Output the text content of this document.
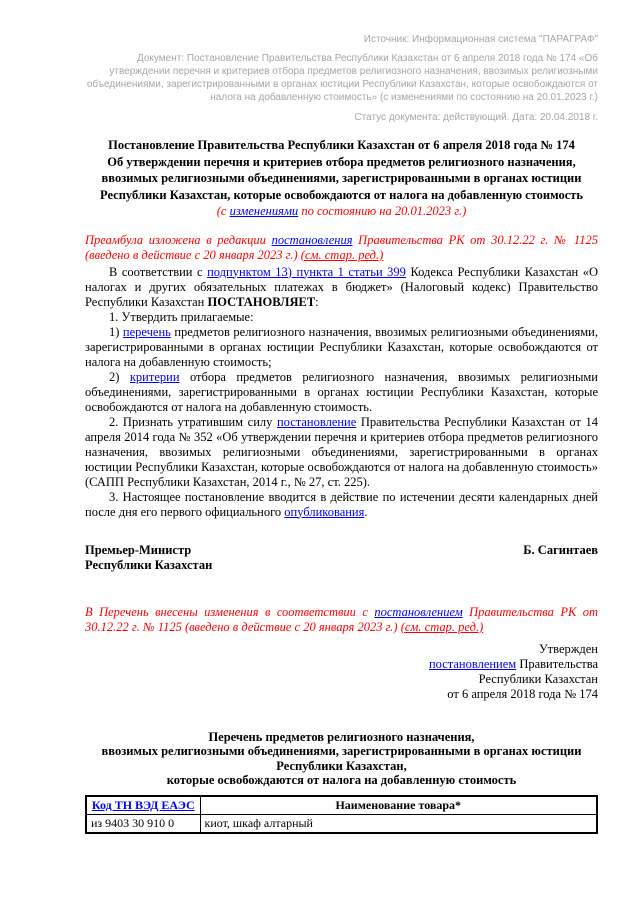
Источник: Информационная система "ПАРАГРАФ"
Документ: Постановление Правительства Республики Казахстан от 6 апреля 2018 года № 174 «Об утверждении перечня и критериев отбора предметов религиозного назначения, ввозимых религиозными объединениями, зарегистрированными в органах юстиции Республики Казахстан, которые освобождаются от налога на добавленную стоимость» (с изменениями по состоянию на 20.01.2023 г.)
Статус документа: действующий. Дата: 20.04.2018 г.
Постановление Правительства Республики Казахстан от 6 апреля 2018 года № 174
Об утверждении перечня и критериев отбора предметов религиозного назначения, ввозимых религиозными объединениями, зарегистрированными в органах юстиции Республики Казахстан, которые освобождаются от налога на добавленную стоимость
(с изменениями по состоянию на 20.01.2023 г.)
Преамбула изложена в редакции постановления Правительства РК от 30.12.22 г. № 1125 (введено в действие с 20 января 2023 г.) (см. стар. ред.)

В соответствии с подпунктом 13) пункта 1 статьи 399 Кодекса Республики Казахстан «О налогах и других обязательных платежах в бюджет» (Налоговый кодекс) Правительство Республики Казахстан ПОСТАНОВЛЯЕТ:

1. Утвердить прилагаемые:

1) перечень предметов религиозного назначения, ввозимых религиозными объединениями, зарегистрированными в органах юстиции Республики Казахстан, которые освобождаются от налога на добавленную стоимость;

2) критерии отбора предметов религиозного назначения, ввозимых религиозными объединениями, зарегистрированными в органах юстиции Республики Казахстан, которые освобождаются от налога на добавленную стоимость.

2. Признать утратившим силу постановление Правительства Республики Казахстан от 14 апреля 2014 года № 352 «Об утверждении перечня и критериев отбора предметов религиозного назначения, ввозимых религиозными объединениями, зарегистрированными в органах юстиции Республики Казахстан, которые освобождаются от налога на добавленную стоимость» (САПП Республики Казахстан, 2014 г., № 27, ст. 225).

3. Настоящее постановление вводится в действие по истечении десяти календарных дней после дня его первого официального опубликования.

Премьер-Министр
Республики Казахстан
Б. Сагинтаев
В Перечень внесены изменения в соответствии с постановлением Правительства РК от 30.12.22 г. № 1125 (введено в действие с 20 января 2023 г.) (см. стар. ред.)
Утвержден
постановлением Правительства
Республики Казахстан
от 6 апреля 2018 года № 174
Перечень предметов религиозного назначения,
ввозимых религиозными объединениями, зарегистрированными в органах юстиции
Республики Казахстан,
которые освобождаются от налога на добавленную стоимость
Код ТН ВЭД ЕАЭС	Наименование товара*
из 9403 30 910 0	киот, шкаф алтарный
